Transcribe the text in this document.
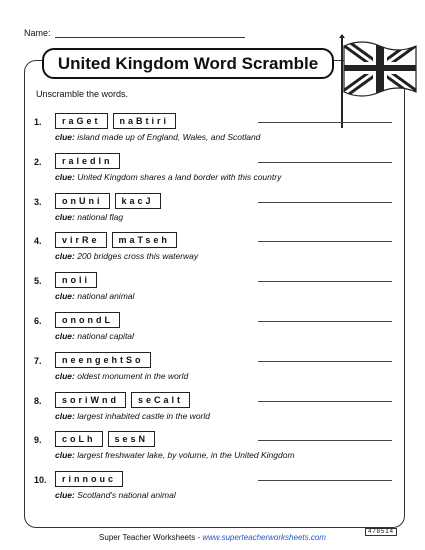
Name:
United Kingdom Word Scramble
Unscramble the words.
1.	raGet	naBtiri
clue: island made up of England, Wales, and Scotland
2.	raledIn
clue: United Kingdom shares a land border with this country
3.	onUni	kacJ
clue: national flag
4.	virRe	maTseh
clue: 200 bridges cross this waterway
5.	noli
clue: national animal
6.	onondL
clue: national capital
7.	neengehtSo
clue: oldest monument in the world
8.	soriWnd	seCalt
clue: largest inhabited castle in the world
9.	coLh	sesN
clue: largest freshwater lake, by volume, in the United Kingdom
10.	rinnouc
clue: Scotland's national animal
478514
Super Teacher Worksheets - www.superteacherworksheets.com
